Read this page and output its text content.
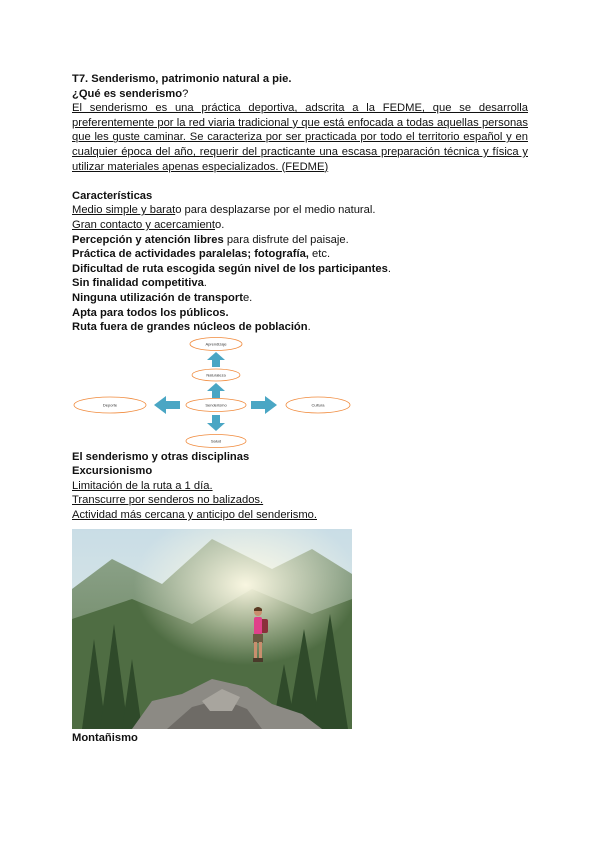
T7. Senderismo, patrimonio natural a pie.
¿Qué es senderismo?
El senderismo es una práctica deportiva, adscrita a la FEDME, que se desarrolla
preferentemente por la red viaria tradicional y que está enfocada a todas aquellas personas
que les guste caminar. Se caracteriza por ser practicada por todo el territorio español y en
cualquier época del año, requerir del practicante una escasa preparación técnica y física y
utilizar materiales apenas especializados. (FEDME)
Características
Medio simple y barato para desplazarse por el medio natural.
Gran contacto y acercamiento.
Percepción y atención libres para disfrute del paisaje.
Práctica de actividades paralelas; fotografía, etc.
Dificultad de ruta escogida según nivel de los participantes.
Sin finalidad competitiva.
Ninguna utilización de transporte.
Apta para todos los públicos.
Ruta fuera de grandes núcleos de población.
Aprendizaje
Naturaleza
Senderismo
Deporte	Cultura
Salud
El senderismo y otras disciplinas
Excursionismo
Limitación de la ruta a 1 día.
Transcurre por senderos no balizados.
Actividad más cercana y anticipo del senderismo.
Montañismo
